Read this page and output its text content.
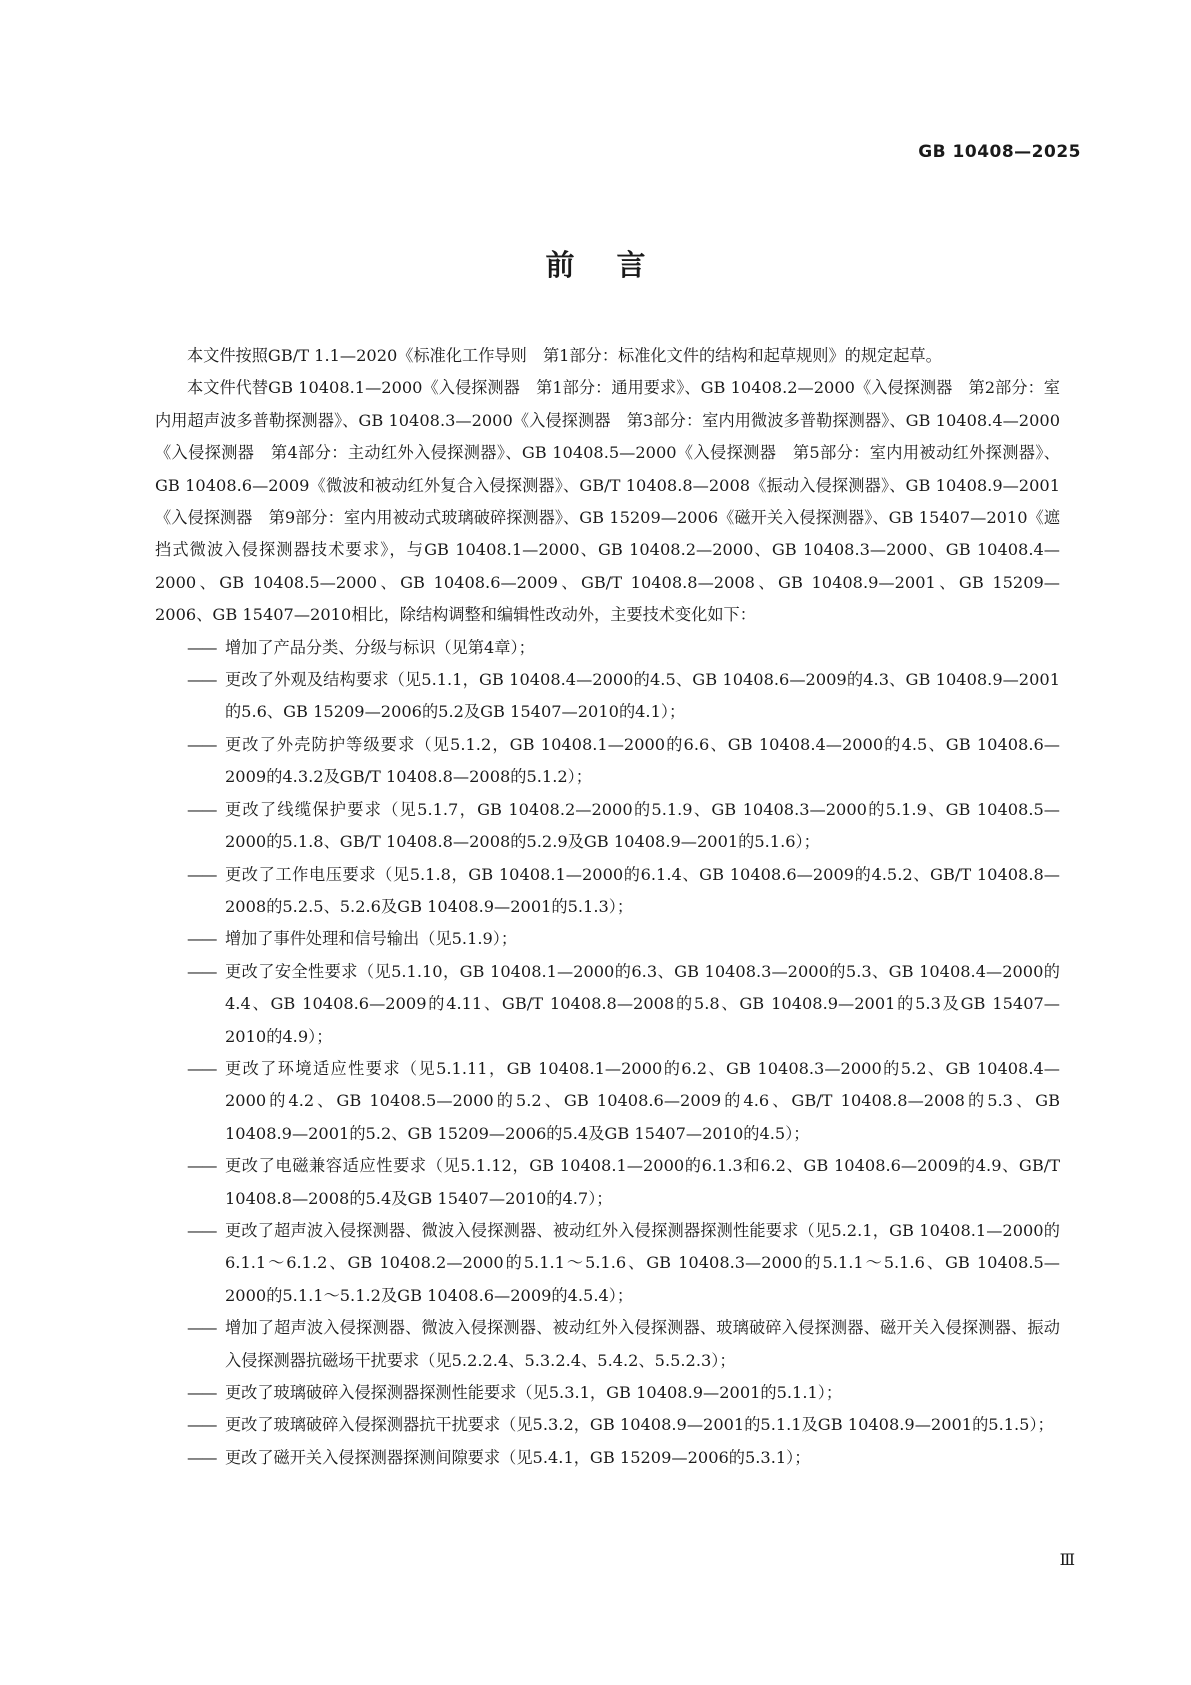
GB 10408—2025
前言

本文件按照GB/T 1.1—2020《标准化工作导则　第1部分：标准化文件的结构和起草规则》的规定起草。

本文件代替GB 10408.1—2000《入侵探测器　第1部分：通用要求》、GB 10408.2—2000《入侵探测器　第2部分：室内用超声波多普勒探测器》、GB 10408.3—2000《入侵探测器　第3部分：室内用微波多普勒探测器》、GB 10408.4—2000《入侵探测器　第4部分：主动红外入侵探测器》、GB 10408.5—2000《入侵探测器　第5部分：室内用被动红外探测器》、GB 10408.6—2009《微波和被动红外复合入侵探测器》、GB/T 10408.8—2008《振动入侵探测器》、GB 10408.9—2001《入侵探测器　第9部分：室内用被动式玻璃破碎探测器》、GB 15209—2006《磁开关入侵探测器》、GB 15407—2010《遮挡式微波入侵探测器技术要求》，与GB 10408.1—2000、GB 10408.2—2000、GB 10408.3—2000、GB 10408.4—2000、GB 10408.5—2000、GB 10408.6—2009、GB/T 10408.8—2008、GB 10408.9—2001、GB 15209—2006、GB 15407—2010相比，除结构调整和编辑性改动外，主要技术变化如下：

—— 增加了产品分类、分级与标识（见第4章）；
—— 更改了外观及结构要求（见5.1.1，GB 10408.4—2000的4.5、GB 10408.6—2009的4.3、GB 10408.9—2001的5.6、GB 15209—2006的5.2及GB 15407—2010的4.1）；
—— 更改了外壳防护等级要求（见5.1.2，GB 10408.1—2000的6.6、GB 10408.4—2000的4.5、GB 10408.6—2009的4.3.2及GB/T 10408.8—2008的5.1.2）；
—— 更改了线缆保护要求（见5.1.7，GB 10408.2—2000的5.1.9、GB 10408.3—2000的5.1.9、GB 10408.5—2000的5.1.8、GB/T 10408.8—2008的5.2.9及GB 10408.9—2001的5.1.6）；
—— 更改了工作电压要求（见5.1.8，GB 10408.1—2000的6.1.4、GB 10408.6—2009的4.5.2、GB/T 10408.8—2008的5.2.5、5.2.6及GB 10408.9—2001的5.1.3）；
—— 增加了事件处理和信号输出（见5.1.9）；
—— 更改了安全性要求（见5.1.10，GB 10408.1—2000的6.3、GB 10408.3—2000的5.3、GB 10408.4—2000的4.4、GB 10408.6—2009的4.11、GB/T 10408.8—2008的5.8、GB 10408.9—2001的5.3及GB 15407—2010的4.9）；
—— 更改了环境适应性要求（见5.1.11，GB 10408.1—2000的6.2、GB 10408.3—2000的5.2、GB 10408.4—2000的4.2、GB 10408.5—2000的5.2、GB 10408.6—2009的4.6、GB/T 10408.8—2008的5.3、GB 10408.9—2001的5.2、GB 15209—2006的5.4及GB 15407—2010的4.5）；
—— 更改了电磁兼容适应性要求（见5.1.12，GB 10408.1—2000的6.1.3和6.2、GB 10408.6—2009的4.9、GB/T 10408.8—2008的5.4及GB 15407—2010的4.7）；
—— 更改了超声波入侵探测器、微波入侵探测器、被动红外入侵探测器探测性能要求（见5.2.1，GB 10408.1—2000的6.1.1～6.1.2、GB 10408.2—2000的5.1.1～5.1.6、GB 10408.3—2000的5.1.1～5.1.6、GB 10408.5—2000的5.1.1～5.1.2及GB 10408.6—2009的4.5.4）；
—— 增加了超声波入侵探测器、微波入侵探测器、被动红外入侵探测器、玻璃破碎入侵探测器、磁开关入侵探测器、振动入侵探测器抗磁场干扰要求（见5.2.2.4、5.3.2.4、5.4.2、5.5.2.3）；
—— 更改了玻璃破碎入侵探测器探测性能要求（见5.3.1，GB 10408.9—2001的5.1.1）；
—— 更改了玻璃破碎入侵探测器抗干扰要求（见5.3.2，GB 10408.9—2001的5.1.1及GB 10408.9—2001的5.1.5）；
—— 更改了磁开关入侵探测器探测间隙要求（见5.4.1，GB 15209—2006的5.3.1）；
Ⅲ
